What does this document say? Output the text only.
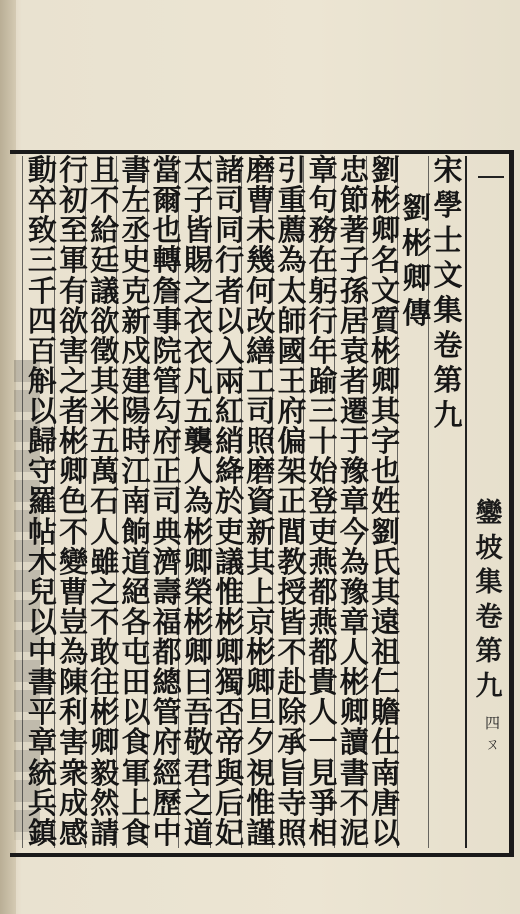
鑾
坡
集
卷
第
九
四　ㄡ
宋
學
士
文
集
卷
第
九
劉
彬
卿
傳
劉
彬
卿
名
文
質
彬
卿
其
字
也
姓
劉
氏
其
遠
祖
仁
贍
仕
南
唐
以
忠
節
著
子
孫
居
袁
者
遷
于
豫
章
今
為
豫
章
人
彬
卿
讀
書
不
泥
章
句
務
在
躬
行
年
踰
三
十
始
登
吏
燕
都
燕
都
貴
人
一
見
爭
相
引
重
薦
為
太
師
國
王
府
偏
架
正
閭
教
授
皆
不
赴
除
承
旨
寺
照
磨
曹
未
幾
何
改
繕
工
司
照
磨
資
新
其
上
京
彬
卿
旦
夕
視
惟
謹
諸
司
同
行
者
以
入
兩
紅
綃
絳
於
吏
議
惟
彬
卿
獨
否
帝
與
后
妃
太
子
皆
賜
之
衣
衣
凡
五
襲
人
為
彬
卿
榮
彬
卿
曰
吾
敬
君
之
道
當
爾
也
轉
詹
事
院
管
勾
府
正
司
典
濟
壽
福
都
總
管
府
經
歷
中
書
左
丞
史
克
新
戍
建
陽
時
江
南
餉
道
絕
各
屯
田
以
食
軍
上
食
且
不
給
廷
議
欲
徵
其
米
五
萬
石
人
雖
之
不
敢
往
彬
卿
毅
然
請
行
初
至
軍
有
欲
害
之
者
彬
卿
色
不
變
曹
豈
為
陳
利
害
衆
成
感
動
卒
致
三
千
四
百
斛
以
歸
守
羅
帖
木
兒
以
中
書
平
章
統
兵
鎮
